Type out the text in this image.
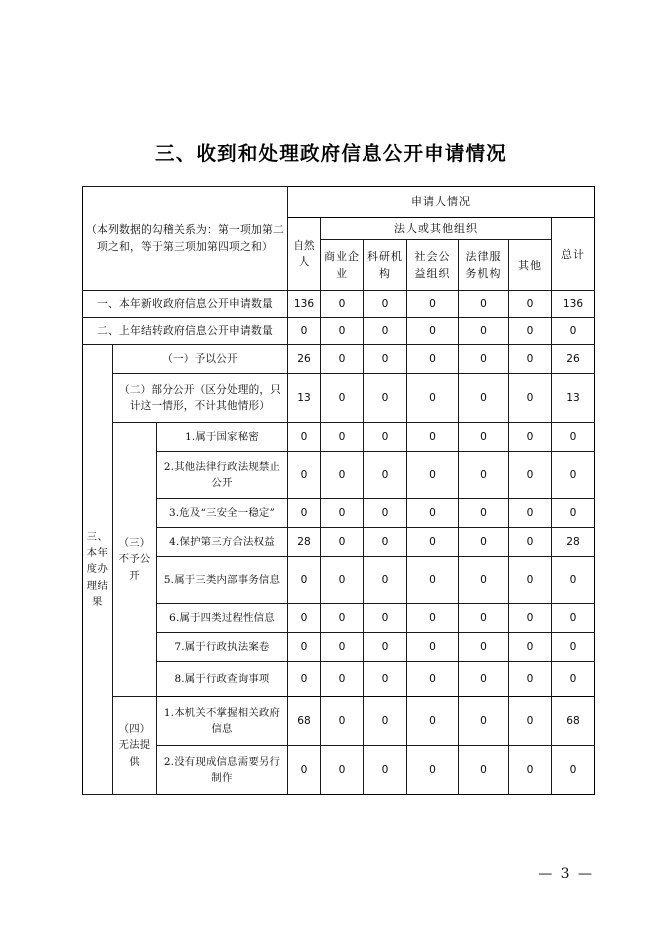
三、收到和处理政府信息公开申请情况
（本列数据的勾稽关系为：第一项加第二项之和，等于第三项加第四项之和）			申请人情况						
			自然人	法人或其他组织					总计
				商业企业	科研机构	社会公益组织	法律服务机构	其他	
一、本年新收政府信息公开申请数量			136	0	0	0	0	0	136
二、上年结转政府信息公开申请数量			0	0	0	0	0	0	0
三、本年度办理结果	（一）予以公开		26	0	0	0	0	0	26
	（二）部分公开（区分处理的，只计这一情形，不计其他情形）		13	0	0	0	0	0	13
	（三）不予公开	1.属于国家秘密	0	0	0	0	0	0	0
		2.其他法律行政法规禁止公开	0	0	0	0	0	0	0
		3.危及“三安全一稳定”	0	0	0	0	0	0	0
		4.保护第三方合法权益	28	0	0	0	0	0	28
		5.属于三类内部事务信息	0	0	0	0	0	0	0
		6.属于四类过程性信息	0	0	0	0	0	0	0
		7.属于行政执法案卷	0	0	0	0	0	0	0
		8.属于行政查询事项	0	0	0	0	0	0	0
	（四）无法提供	1.本机关不掌握相关政府信息	68	0	0	0	0	0	68
		2.没有现成信息需要另行制作	0	0	0	0	0	0	0
— 3 —
